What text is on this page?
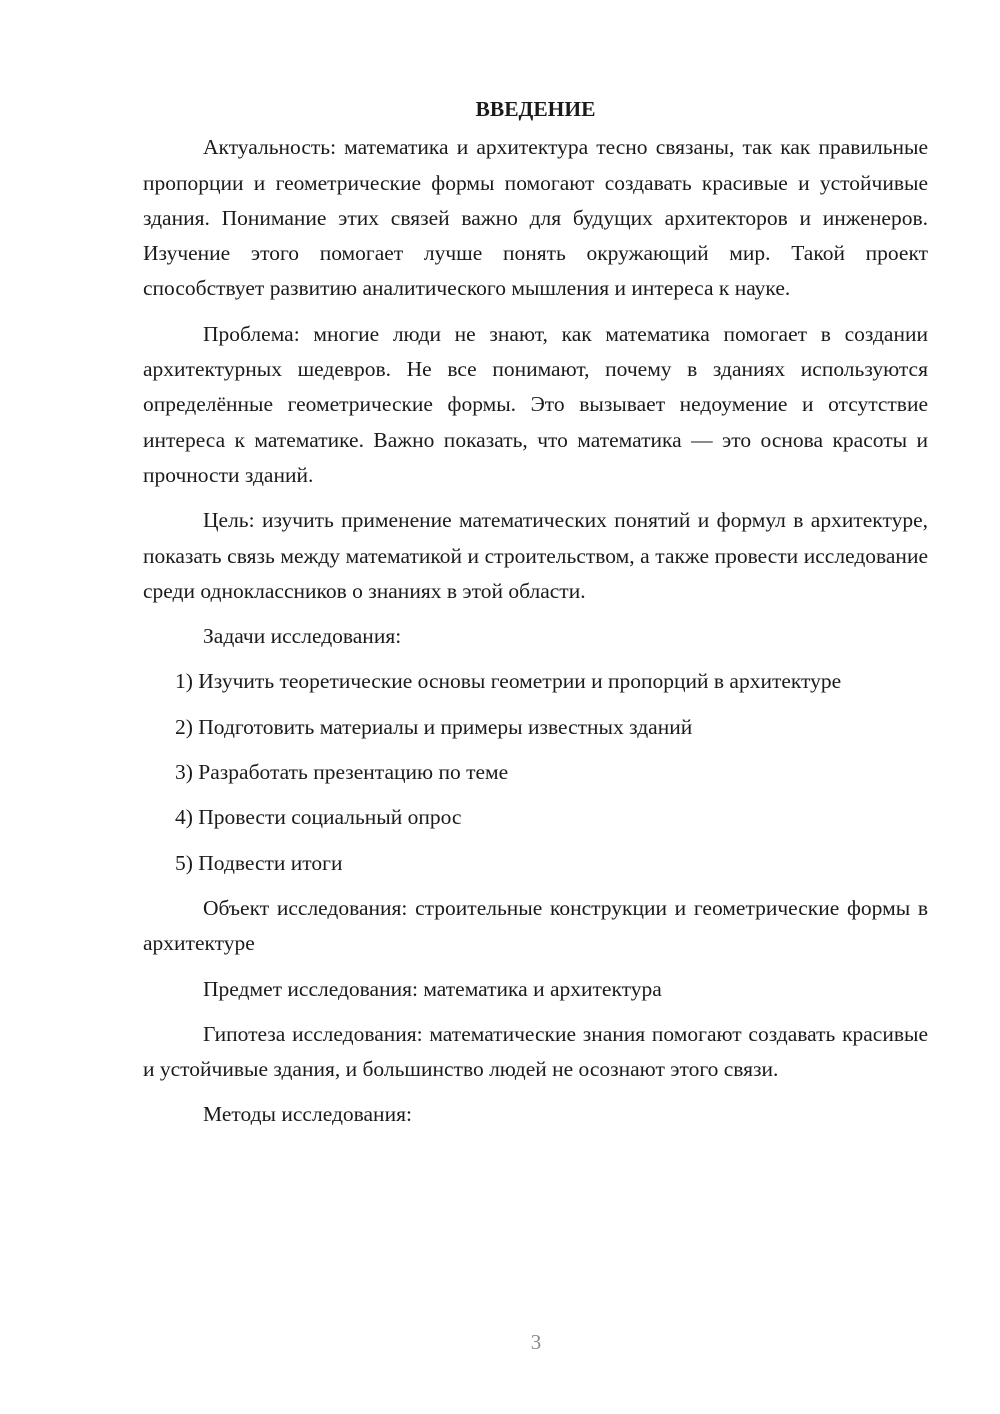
ВВЕДЕНИЕ

Актуальность: математика и архитектура тесно связаны, так как правильные пропорции и геометрические формы помогают создавать красивые и устойчивые здания. Понимание этих связей важно для будущих архитекторов и инженеров. Изучение этого помогает лучше понять окружающий мир. Такой проект способствует развитию аналитического мышления и интереса к науке.

Проблема: многие люди не знают, как математика помогает в создании архитектурных шедевров. Не все понимают, почему в зданиях используются определённые геометрические формы. Это вызывает недоумение и отсутствие интереса к математике. Важно показать, что математика — это основа красоты и прочности зданий.

Цель: изучить применение математических понятий и формул в архитектуре, показать связь между математикой и строительством, а также провести исследование среди одноклассников о знаниях в этой области.

Задачи исследования:

1) Изучить теоретические основы геометрии и пропорций в архитектуре
2) Подготовить материалы и примеры известных зданий
3) Разработать презентацию по теме
4) Провести социальный опрос
5) Подвести итоги

Объект исследования: строительные конструкции и геометрические формы в архитектуре

Предмет исследования: математика и архитектура

Гипотеза исследования: математические знания помогают создавать красивые и устойчивые здания, и большинство людей не осознают этого связи.

Методы исследования:

3
